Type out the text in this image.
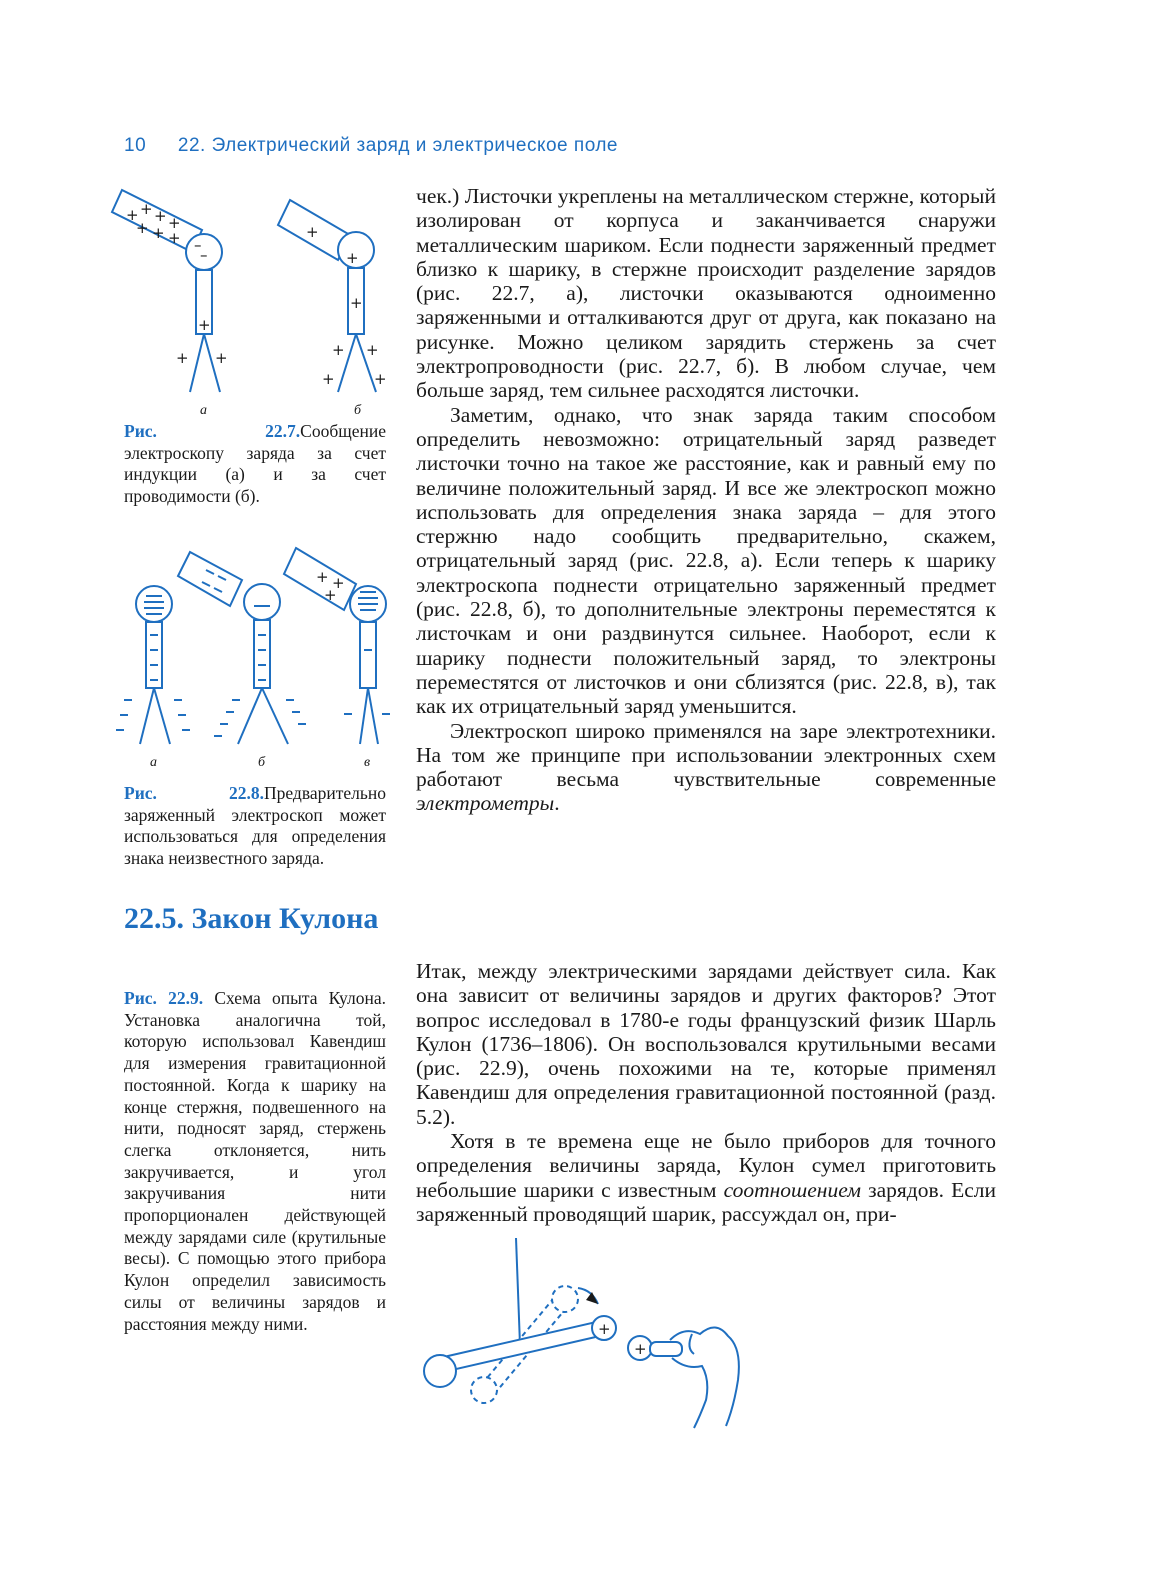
10 22. Электрический заряд и электрическое поле
+ + + +
+ + + –
–
+
+ +
а
+
+
+
+ +
+	+
б
Рис. 22.7.Сообщение электроскопу заряда за счет индукции (а) и за счет проводимости (б).
а	б
+ +
+
в
Рис. 22.8.Предварительно заряженный электроскоп может использоваться для определения знака неизвестного заряда.

чек.) Листочки укреплены на металлическом стержне, который изолирован от корпуса и заканчивается снаружи металлическим шариком. Если поднести заряженный предмет близко к шарику, в стержне происходит разделение зарядов (рис. 22.7, а), листочки оказываются одноименно заряженными и отталкиваются друг от друга, как показано на рисунке. Можно целиком зарядить стержень за счет электропроводности (рис. 22.7, б). В любом случае, чем больше заряд, тем сильнее расходятся листочки.

Заметим, однако, что знак заряда таким способом определить невозможно: отрицательный заряд разведет листочки точно на такое же расстояние, как и равный ему по величине положительный заряд. И все же электроскоп можно использовать для определения знака заряда – для этого стержню надо сообщить предварительно, скажем, отрицательный заряд (рис. 22.8, а). Если теперь к шарику электроскопа поднести отрицательно заряженный предмет (рис. 22.8, б), то дополнительные электроны переместятся к листочкам и они раздвинутся сильнее. Наоборот, если к шарику поднести положительный заряд, то электроны переместятся от листочков и они сблизятся (рис. 22.8, в), так как их отрицательный заряд уменьшится.

Электроскоп широко применялся на заре электротехники. На том же принципе при использовании электронных схем работают весьма чувствительные современные электрометры.

22.5. Закон Кулона
Рис. 22.9. Схема опыта Кулона. Установка аналогична той, которую использовал Кавендиш для измерения гравитационной постоянной. Когда к шарику на конце стержня, подвешенного на нити, подносят заряд, стержень слегка отклоняется, нить закручивается, и угол закручивания нити пропорционален действующей между зарядами силе (крутильные весы). С помощью этого прибора Кулон определил зависимость силы от величины зарядов и расстояния между ними.

Итак, между электрическими зарядами действует сила. Как она зависит от величины зарядов и других факторов? Этот вопрос исследовал в 1780-е годы французский физик Шарль Кулон (1736–1806). Он воспользовался крутильными весами (рис. 22.9), очень похожими на те, которые применял Кавендиш для определения гравитационной постоянной (разд. 5.2).

Хотя в те времена еще не было приборов для точного определения величины заряда, Кулон сумел приготовить небольшие шарики с известным соотношением зарядов. Если заряженный проводящий шарик, рассуждал он, при-

+
+
